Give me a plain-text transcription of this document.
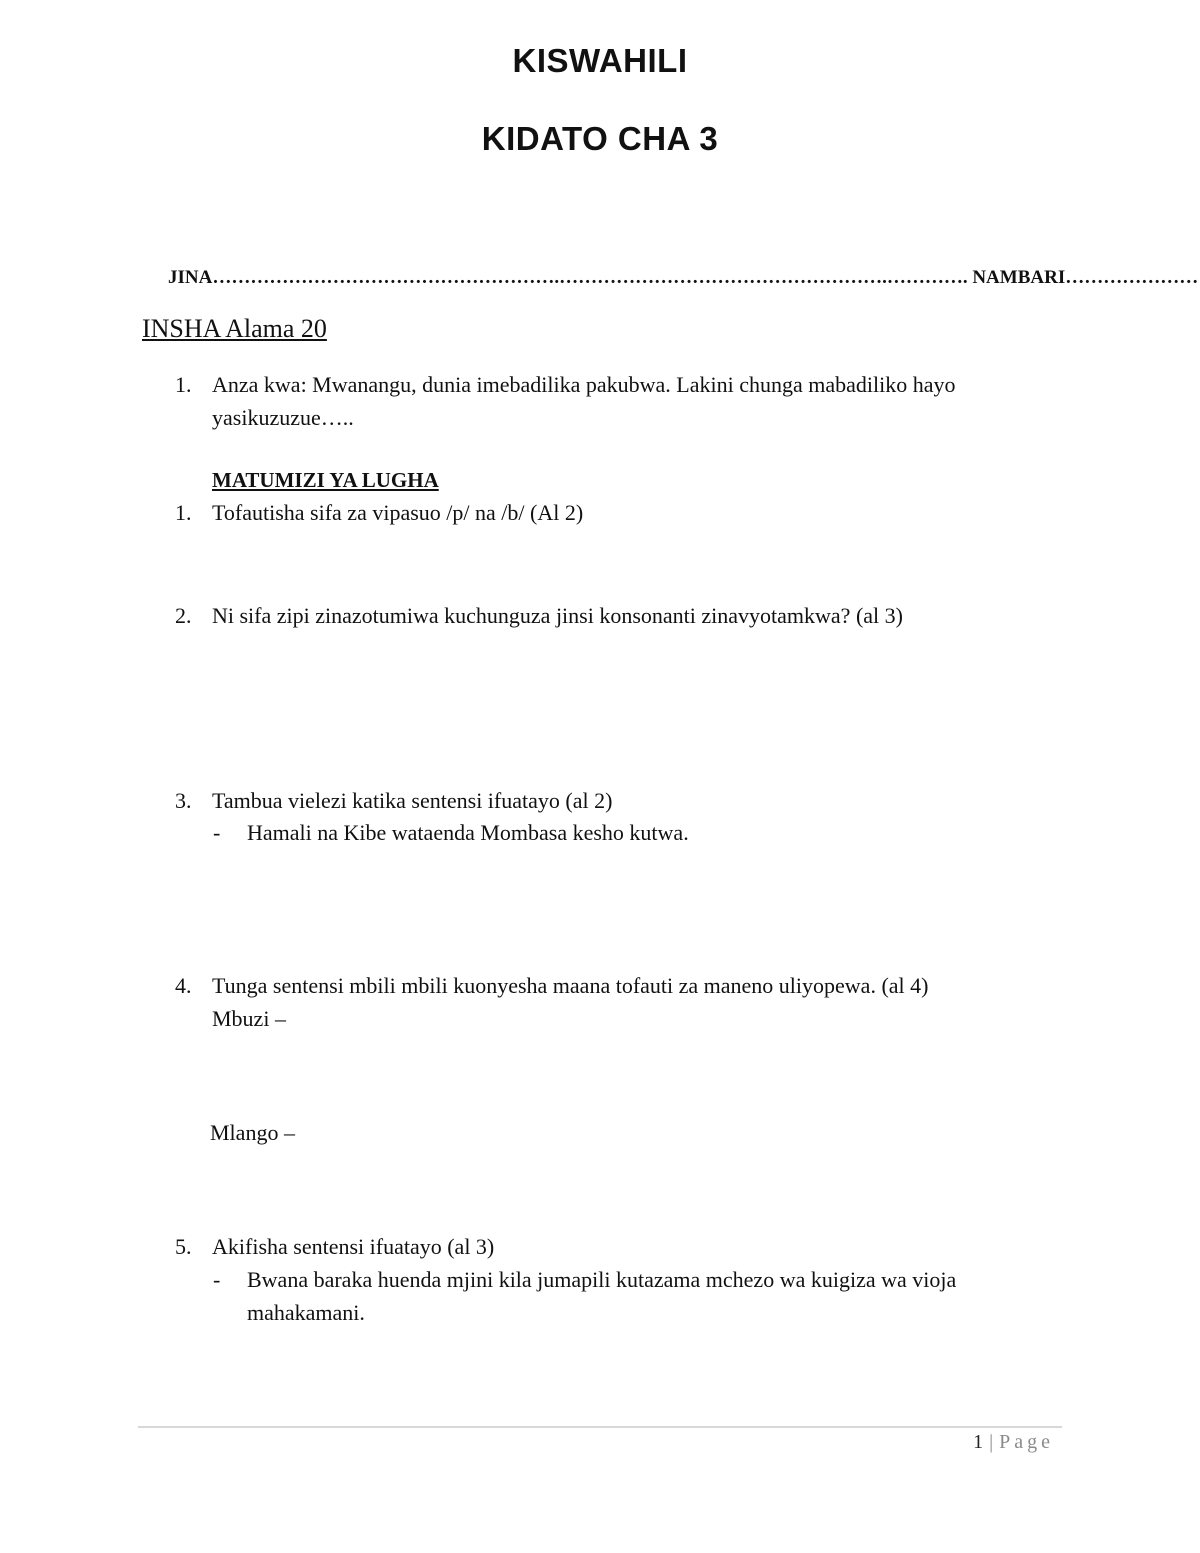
KISWAHILI
KIDATO CHA 3
JINA……………………………………………….…………………………………………….…………. NAMBARI…………………
INSHA Alama 20
1. Anza kwa: Mwanangu, dunia imebadilika pakubwa. Lakini chunga mabadiliko hayo
yasikuzuzue…..
MATUMIZI YA LUGHA
1. Tofautisha sifa za vipasuo /p/ na /b/ (Al 2)
2. Ni sifa zipi zinazotumiwa kuchunguza jinsi konsonanti zinavyotamkwa? (al 3)
3. Tambua vielezi katika sentensi ifuatayo (al 2)
- Hamali na Kibe wataenda Mombasa kesho kutwa.
4. Tunga sentensi mbili mbili kuonyesha maana tofauti za maneno uliyopewa. (al 4)
Mbuzi –
Mlango –
5. Akifisha sentensi ifuatayo (al 3)
- Bwana baraka huenda mjini kila jumapili kutazama mchezo wa kuigiza wa vioja
mahakamani.
1 | Page
